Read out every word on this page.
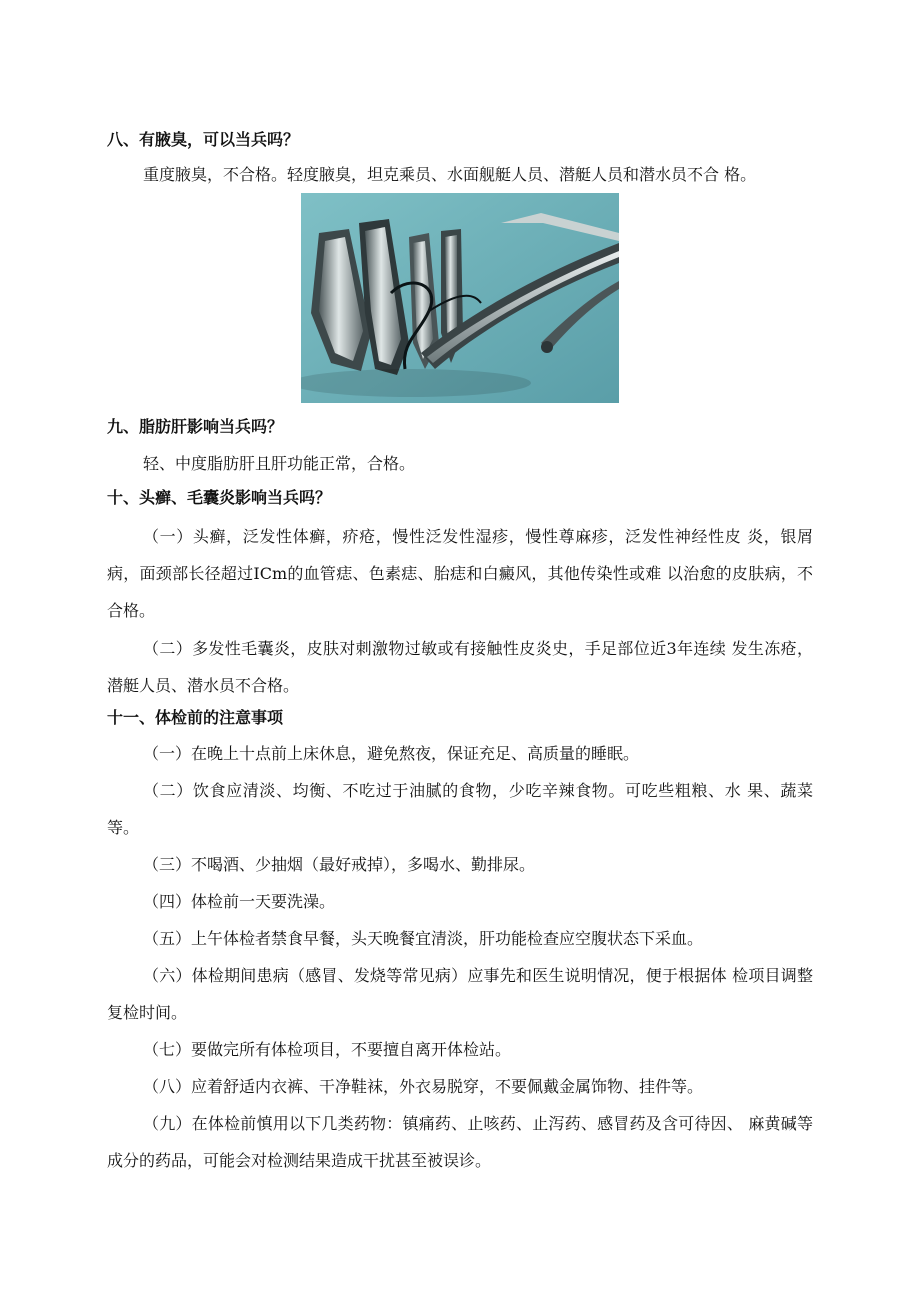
八、有腋臭，可以当兵吗？
重度腋臭，不合格。轻度腋臭，坦克乘员、水面舰艇人员、潜艇人员和潜水员不合 格。
九、脂肪肝影响当兵吗？
轻、中度脂肪肝且肝功能正常，合格。
十、头癣、毛囊炎影响当兵吗？
（一）头癣，泛发性体癣，疥疮，慢性泛发性湿疹，慢性尊麻疹，泛发性神经性皮 炎，银屑病，面颈部长径超过ICm的血管痣、色素痣、胎痣和白癜风，其他传染性或难 以治愈的皮肤病，不合格。
（二）多发性毛囊炎，皮肤对刺激物过敏或有接触性皮炎史，手足部位近3年连续 发生冻疮，潜艇人员、潜水员不合格。
十一、体检前的注意事项
（一）在晚上十点前上床休息，避免熬夜，保证充足、高质量的睡眠。
（二）饮食应清淡、均衡、不吃过于油腻的食物，少吃辛辣食物。可吃些粗粮、水 果、蔬菜等。
（三）不喝酒、少抽烟（最好戒掉），多喝水、勤排尿。
（四）体检前一天要洗澡。
（五）上午体检者禁食早餐，头天晚餐宜清淡，肝功能检查应空腹状态下采血。
（六）体检期间患病（感冒、发烧等常见病）应事先和医生说明情况，便于根据体 检项目调整复检时间。
（七）要做完所有体检项目，不要擅自离开体检站。
（八）应着舒适内衣裤、干净鞋袜，外衣易脱穿，不要佩戴金属饰物、挂件等。
（九）在体检前慎用以下几类药物：镇痛药、止咳药、止泻药、感冒药及含可待因、 麻黄碱等成分的药品，可能会对检测结果造成干扰甚至被误诊。
